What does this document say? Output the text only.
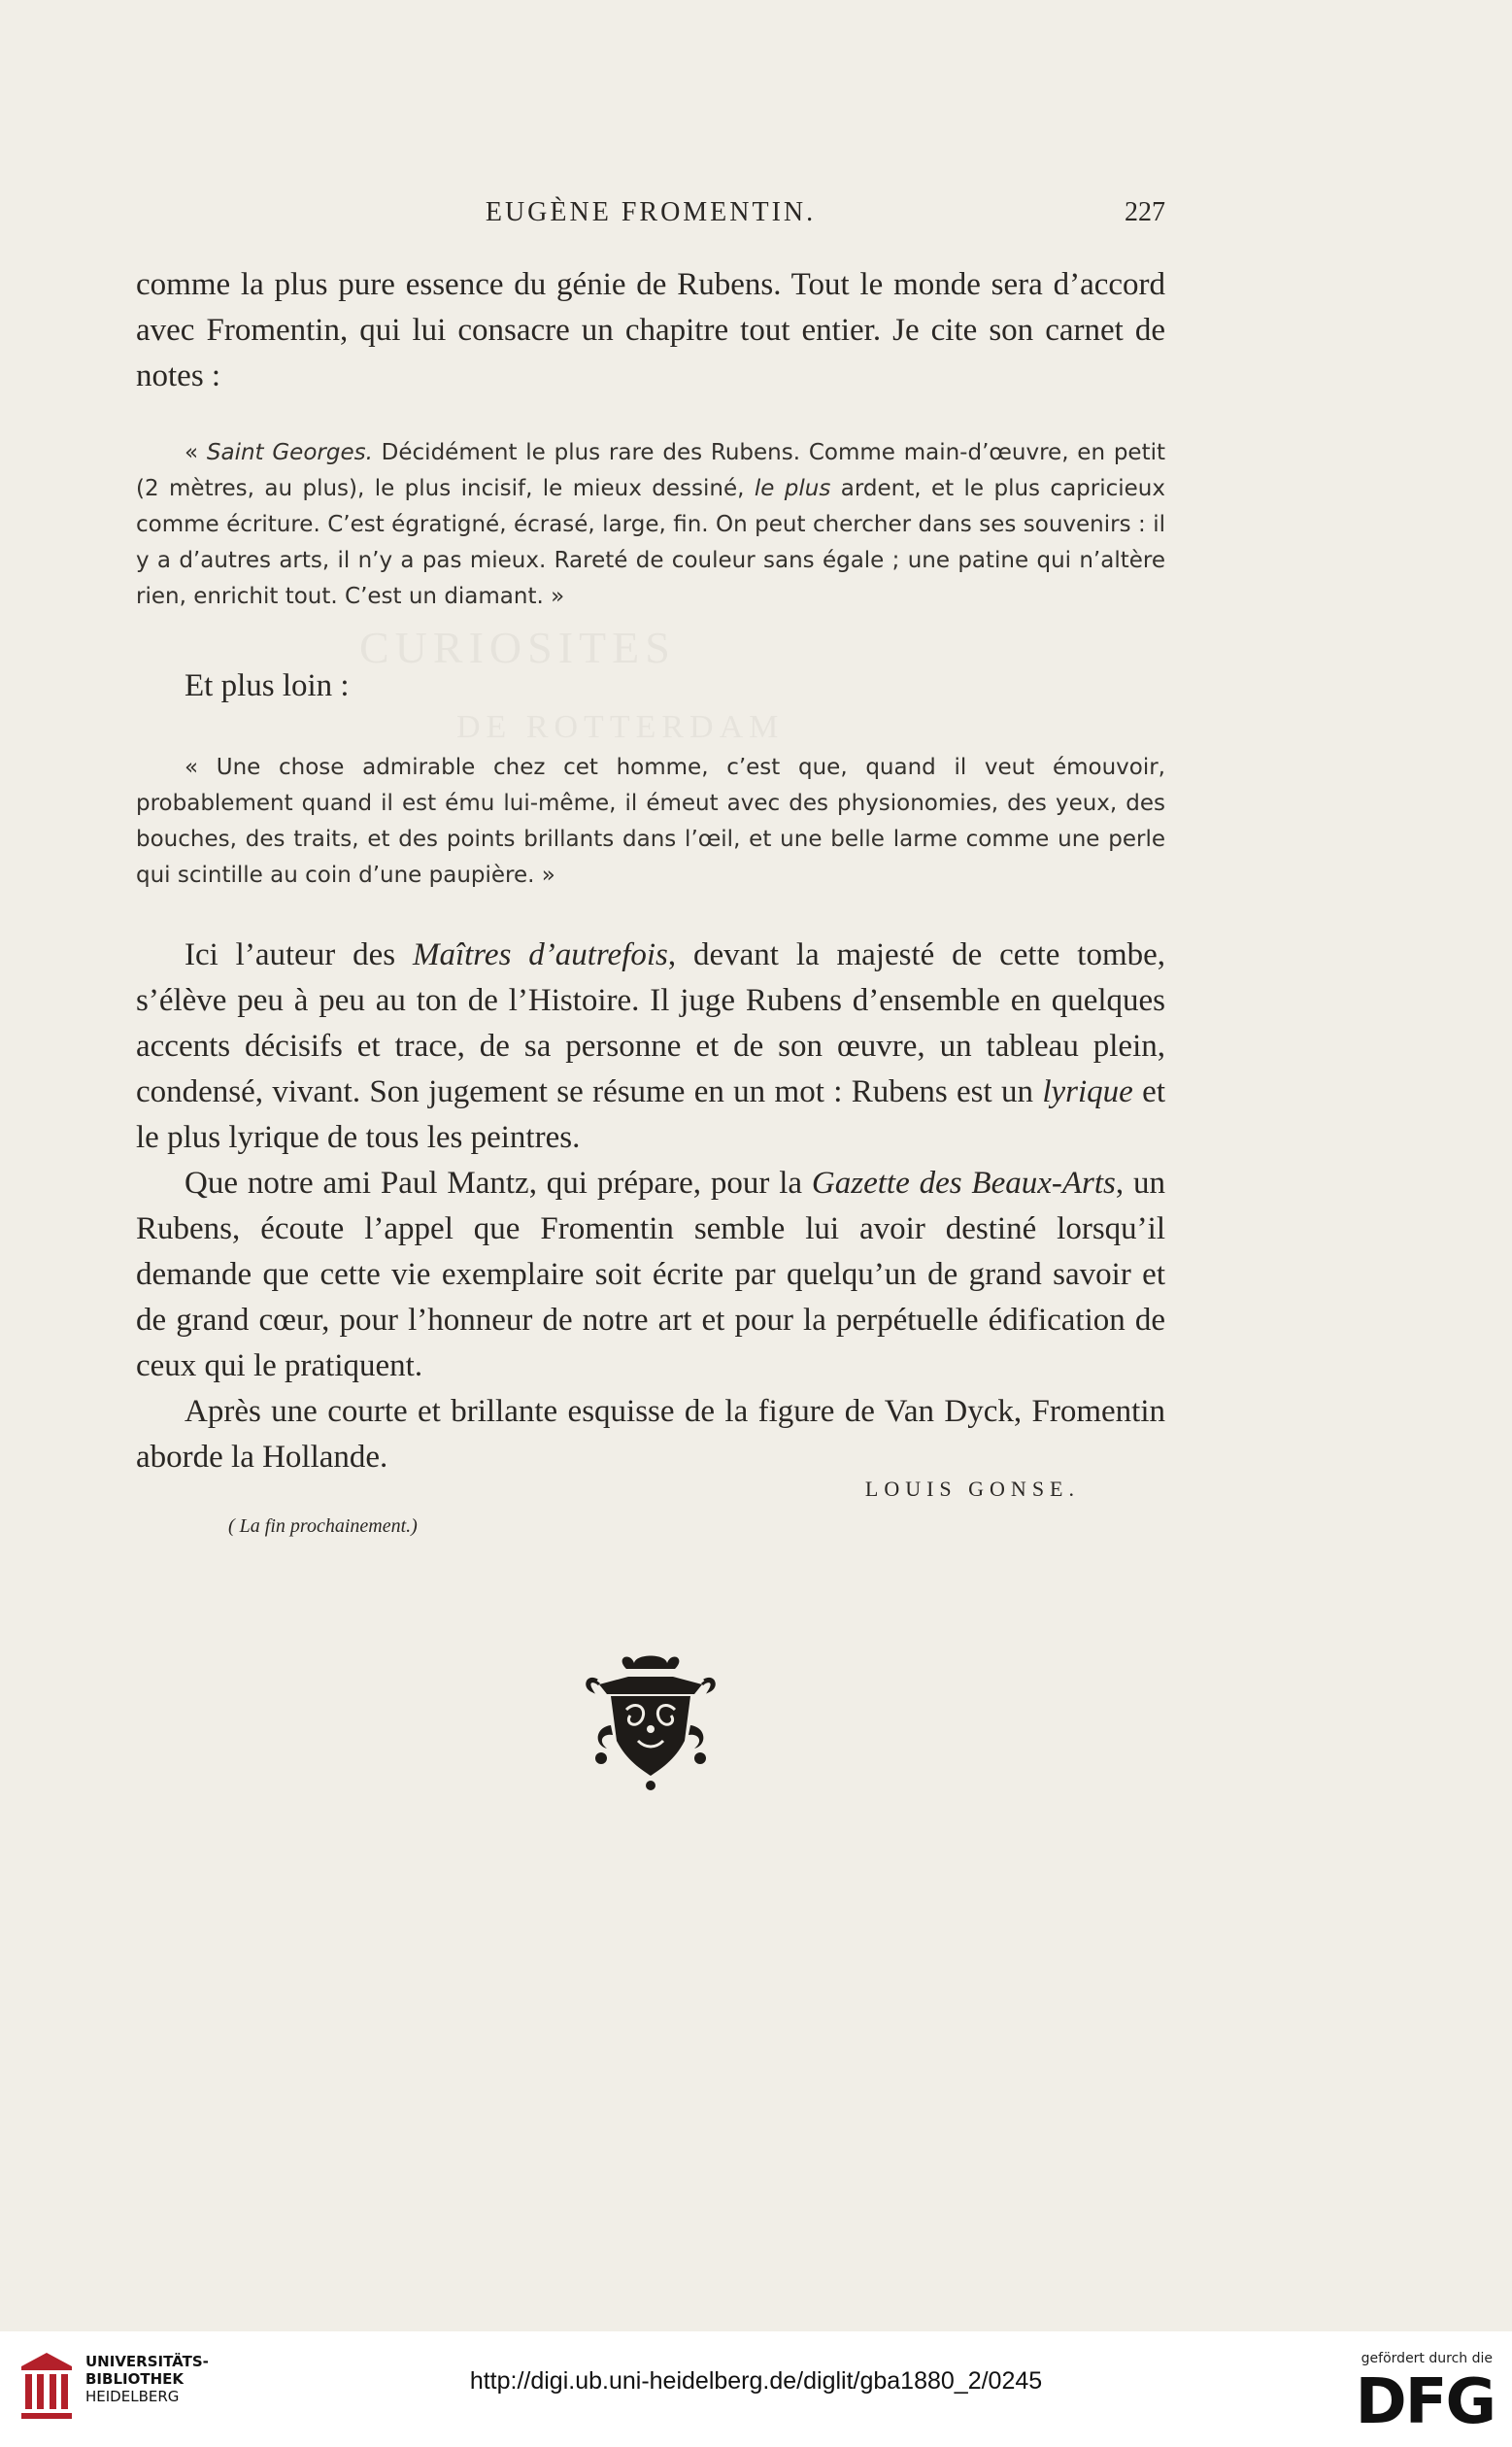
CURIOSITES
DE ROTTERDAM
EUGÈNE FROMENTIN.	227

comme la plus pure essence du génie de Rubens. Tout le monde sera d’accord avec Fromentin, qui lui consacre un chapitre tout entier. Je cite son carnet de notes :

« Saint Georges. Décidément le plus rare des Rubens. Comme main-d’œuvre, en petit (2 mètres, au plus), le plus incisif, le mieux dessiné, le plus ardent, et le plus capricieux comme écriture. C’est égratigné, écrasé, large, fin. On peut chercher dans ses souvenirs : il y a d’autres arts, il n’y a pas mieux. Rareté de couleur sans égale ; une patine qui n’altère rien, enrichit tout. C’est un diamant. »

Et plus loin :

« Une chose admirable chez cet homme, c’est que, quand il veut émouvoir, probablement quand il est ému lui-même, il émeut avec des physionomies, des yeux, des bouches, des traits, et des points brillants dans l’œil, et une belle larme comme une perle qui scintille au coin d’une paupière. »

Ici l’auteur des Maîtres d’autrefois, devant la majesté de cette tombe, s’élève peu à peu au ton de l’Histoire. Il juge Rubens d’ensemble en quelques accents décisifs et trace, de sa personne et de son œuvre, un tableau plein, condensé, vivant. Son jugement se résume en un mot : Rubens est un lyrique et le plus lyrique de tous les peintres.

Que notre ami Paul Mantz, qui prépare, pour la Gazette des Beaux-Arts, un Rubens, écoute l’appel que Fromentin semble lui avoir destiné lorsqu’il demande que cette vie exemplaire soit écrite par quelqu’un de grand savoir et de grand cœur, pour l’honneur de notre art et pour la perpétuelle édification de ceux qui le pratiquent.

Après une courte et brillante esquisse de la figure de Van Dyck, Fromentin aborde la Hollande.

LOUIS GONSE.
( La fin prochainement.)
UNIVERSITÄTS-
BIBLIOTHEK
HEIDELBERG
http://digi.ub.uni-heidelberg.de/diglit/gba1880_2/0245
gefördert durch die
DFG
